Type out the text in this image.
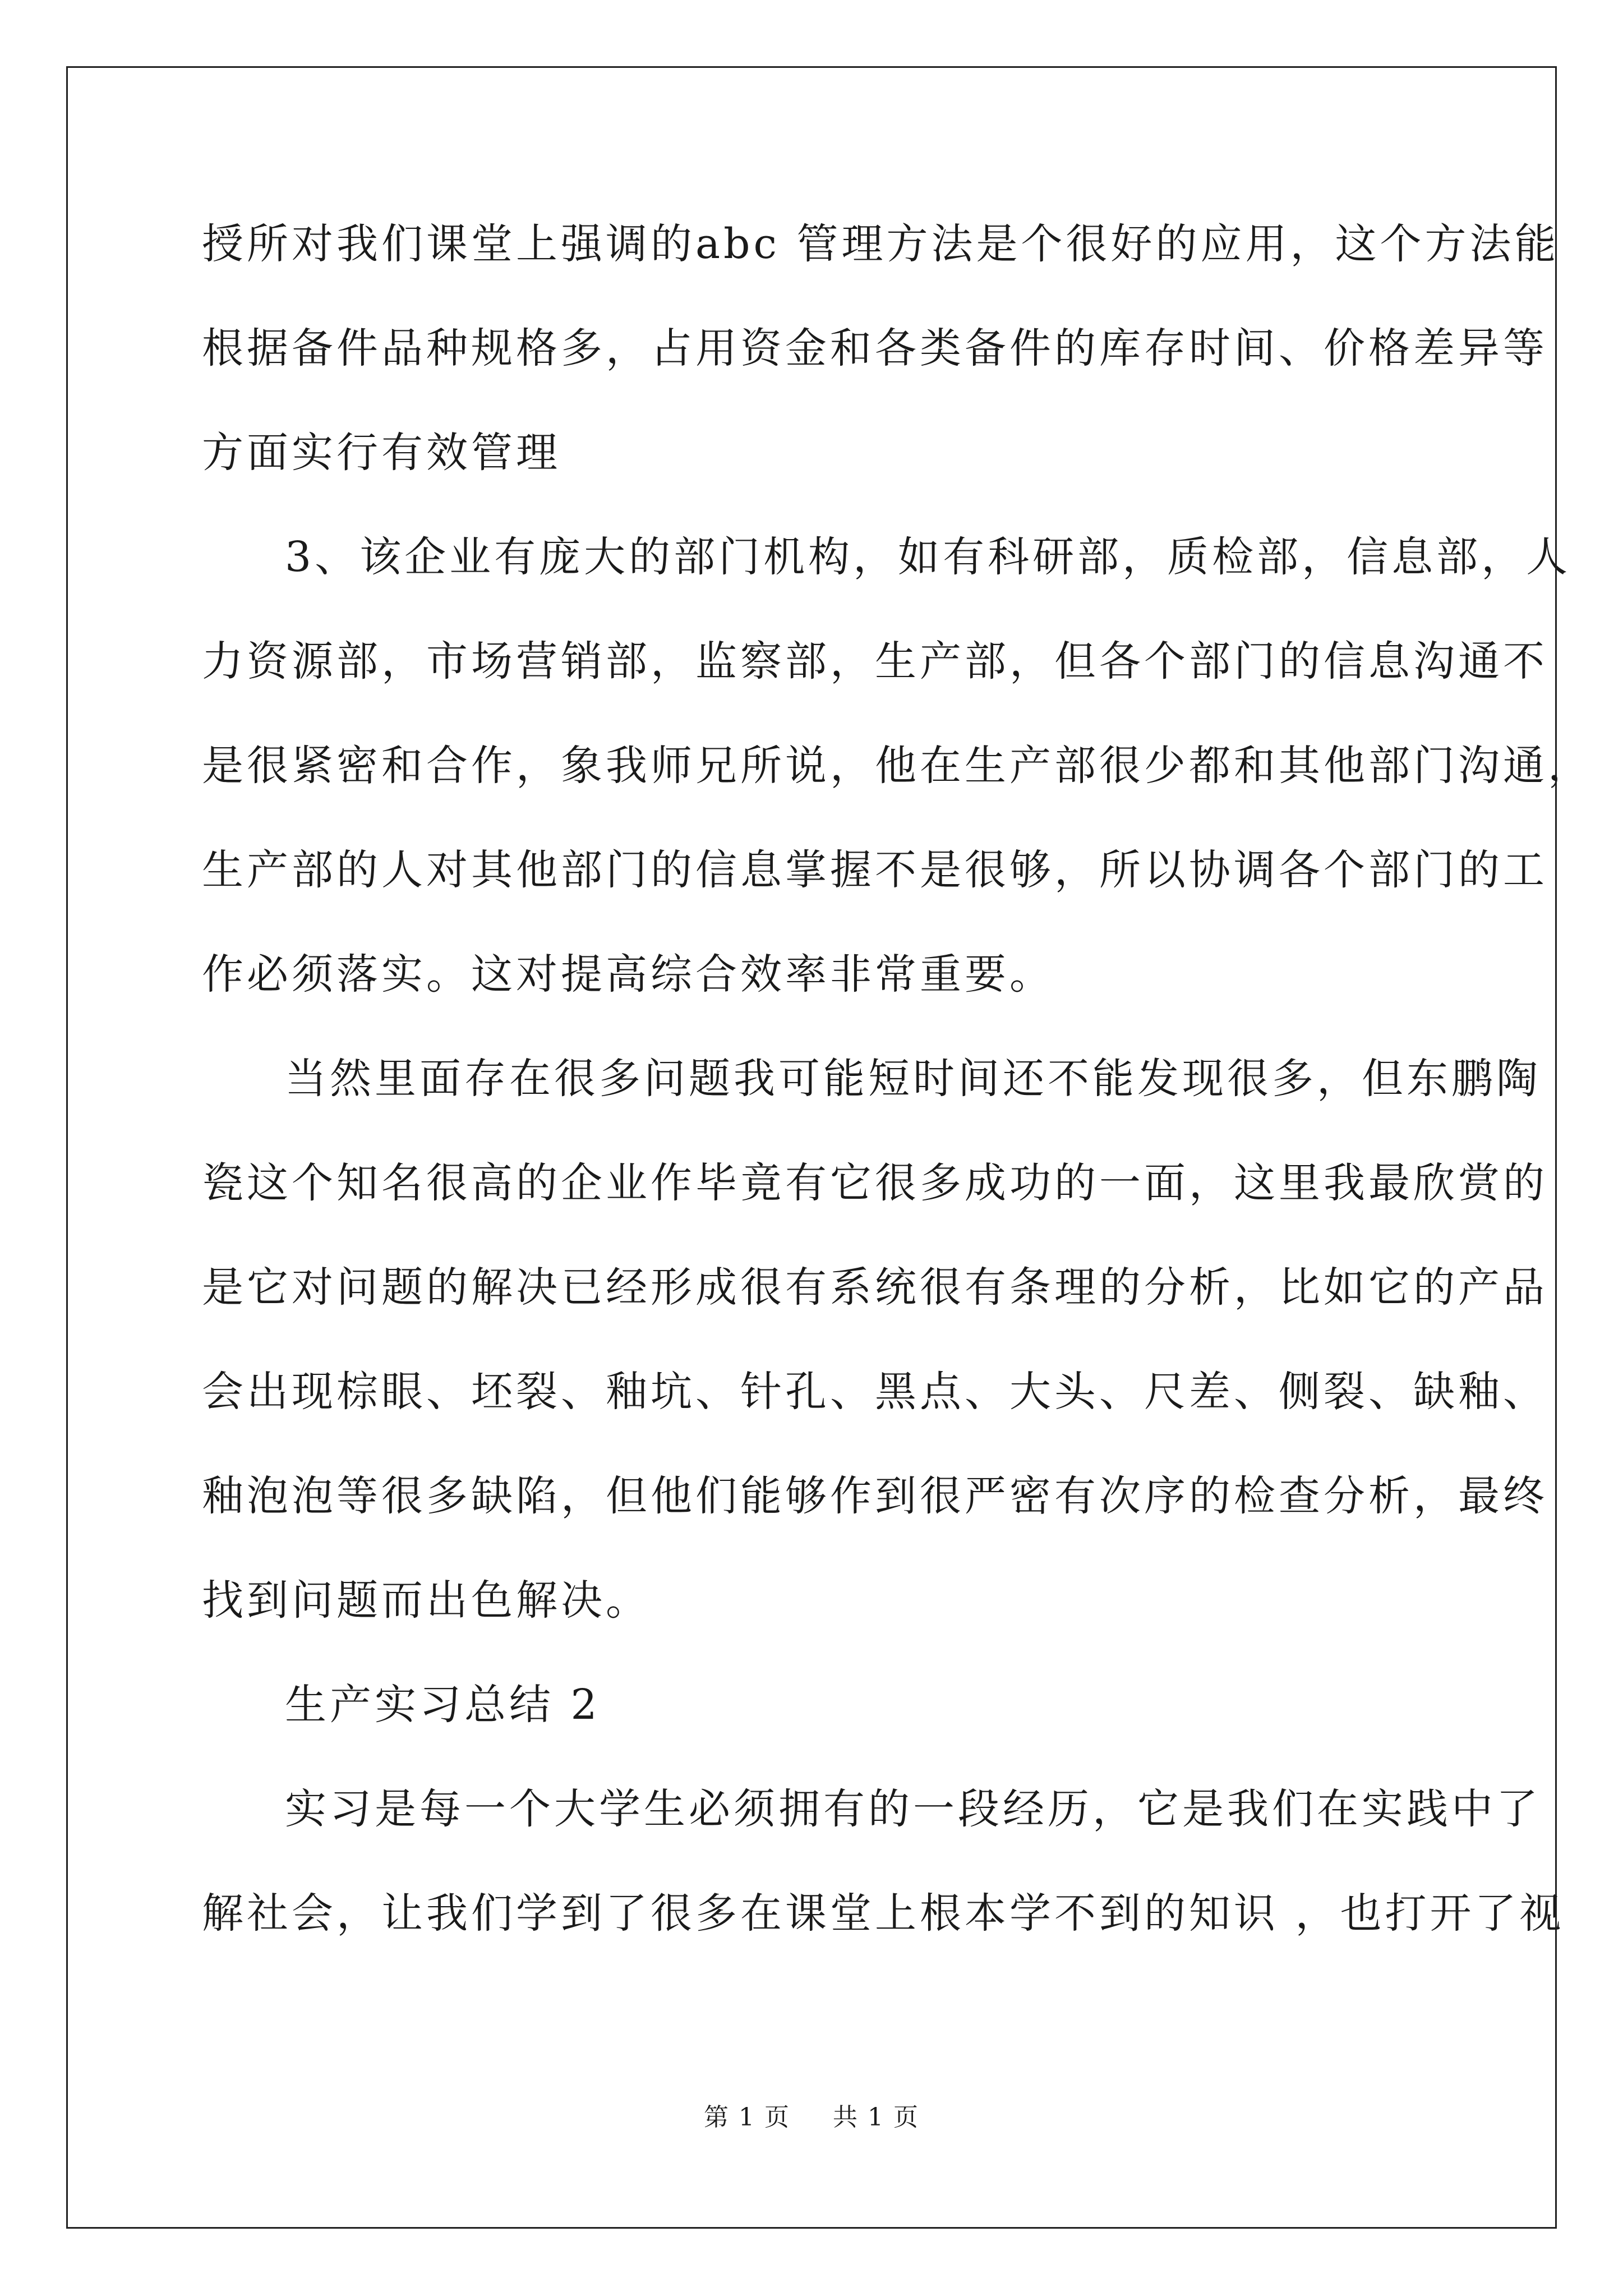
授所对我们课堂上强调的abc 管理方法是个很好的应用，这个方法能
根据备件品种规格多，占用资金和各类备件的库存时间、价格差异等
方面实行有效管理
3、该企业有庞大的部门机构，如有科研部，质检部，信息部，人
力资源部，市场营销部，监察部，生产部，但各个部门的信息沟通不
是很紧密和合作，象我师兄所说，他在生产部很少都和其他部门沟通，
生产部的人对其他部门的信息掌握不是很够，所以协调各个部门的工
作必须落实。这对提高综合效率非常重要。
当然里面存在很多问题我可能短时间还不能发现很多，但东鹏陶
瓷这个知名很高的企业作毕竟有它很多成功的一面，这里我最欣赏的
是它对问题的解决已经形成很有系统很有条理的分析，比如它的产品
会出现棕眼、坯裂、釉坑、针孔、黑点、大头、尺差、侧裂、缺釉、
釉泡泡等很多缺陷，但他们能够作到很严密有次序的检查分析，最终
找到问题而出色解决。
生产实习总结 2
实习是每一个大学生必须拥有的一段经历，它是我们在实践中了
解社会，让我们学到了很多在课堂上根本学不到的知识 ，也打开了视
第 1 页 共 1 页
